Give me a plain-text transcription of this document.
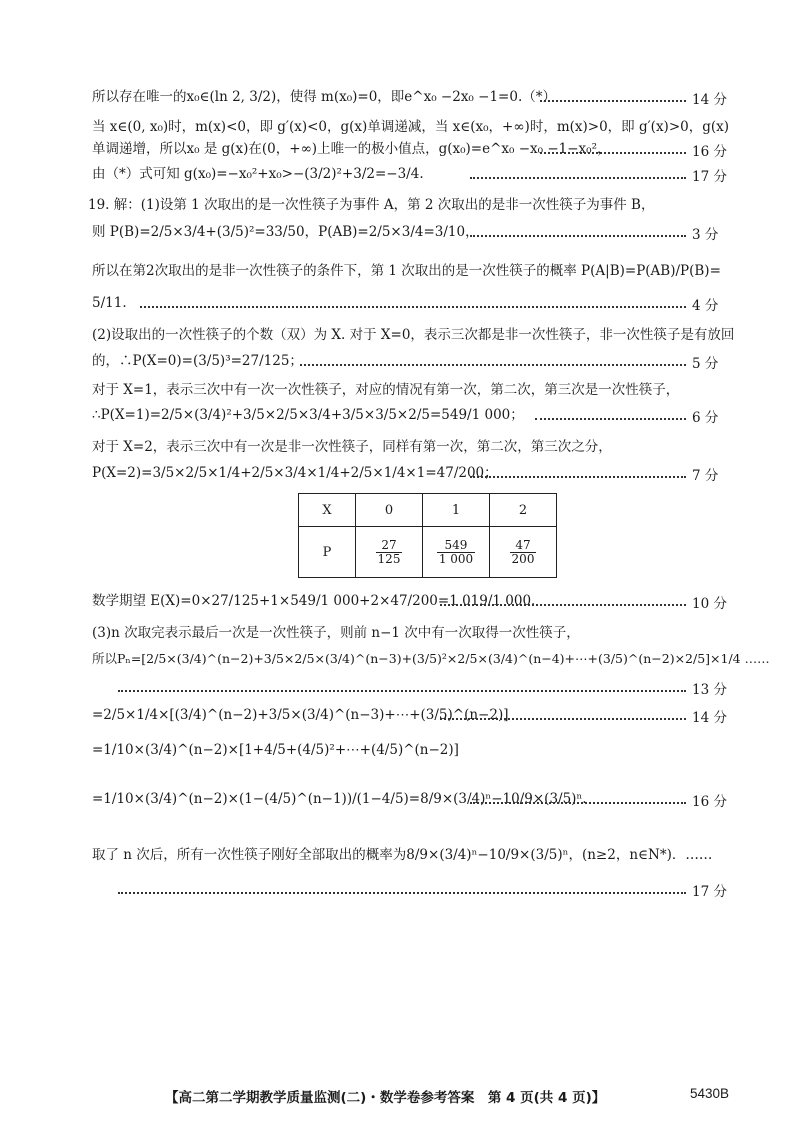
所以存在唯一的x₀∈(ln 2, 3/2)，使得 m(x₀)=0，即e^x₀ −2x₀ −1=0.（*）	14 分
当 x∈(0, x₀)时，m(x)<0，即 g′(x)<0，g(x)单调递减，当 x∈(x₀，+∞)时，m(x)>0，即 g′(x)>0，g(x)
单调递增，所以x₀ 是 g(x)在(0，+∞)上唯一的极小值点，g(x₀)=e^x₀ −x₀ −1−x₀²，	16 分
由（*）式可知 g(x₀)=−x₀²+x₀>−(3/2)²+3/2=−3/4.	17 分
19. 解：(1)设第 1 次取出的是一次性筷子为事件 A，第 2 次取出的是非一次性筷子为事件 B，
则 P(B)=2/5×3/4+(3/5)²=33/50，P(AB)=2/5×3/4=3/10，	3 分
所以在第2次取出的是非一次性筷子的条件下，第 1 次取出的是一次性筷子的概率 P(A|B)=P(AB)/P(B)=
5/11.	4 分
(2)设取出的一次性筷子的个数（双）为 X. 对于 X=0，表示三次都是非一次性筷子，非一次性筷子是有放回
的，∴P(X=0)=(3/5)³=27/125；	5 分
对于 X=1，表示三次中有一次一次性筷子，对应的情况有第一次，第二次，第三次是一次性筷子，
∴P(X=1)=2/5×(3/4)²+3/5×2/5×3/4+3/5×3/5×2/5=549/1 000；	6 分
对于 X=2，表示三次中有一次是非一次性筷子，同样有第一次，第二次，第三次之分，
P(X=2)=3/5×2/5×1/4+2/5×3/4×1/4+2/5×1/4×1=47/200；	7 分
X	0	1	2
P	$\frac{27}{125}$	$\frac{549}{1 000}$	$\frac{47}{200}$
数学期望 E(X)=0×27/125+1×549/1 000+2×47/200=1 019/1 000.	10 分
(3)n 次取完表示最后一次是一次性筷子，则前 n−1 次中有一次取得一次性筷子，
所以Pₙ=[2/5×(3/4)^(n−2)+3/5×2/5×(3/4)^(n−3)+(3/5)²×2/5×(3/4)^(n−4)+⋯+(3/5)^(n−2)×2/5]×1/4 ……
13 分
=2/5×1/4×[(3/4)^(n−2)+3/5×(3/4)^(n−3)+⋯+(3/5)^(n−2)]	14 分
=1/10×(3/4)^(n−2)×[1+4/5+(4/5)²+⋯+(4/5)^(n−2)]
=1/10×(3/4)^(n−2)×(1−(4/5)^(n−1))/(1−4/5)=8/9×(3/4)ⁿ−10/9×(3/5)ⁿ.	16 分
取了 n 次后，所有一次性筷子刚好全部取出的概率为8/9×(3/4)ⁿ−10/9×(3/5)ⁿ，(n≥2，n∈N*)．……
17 分
【高二第二学期教学质量监测(二)・数学卷参考答案　第 4 页(共 4 页)】	5430B
